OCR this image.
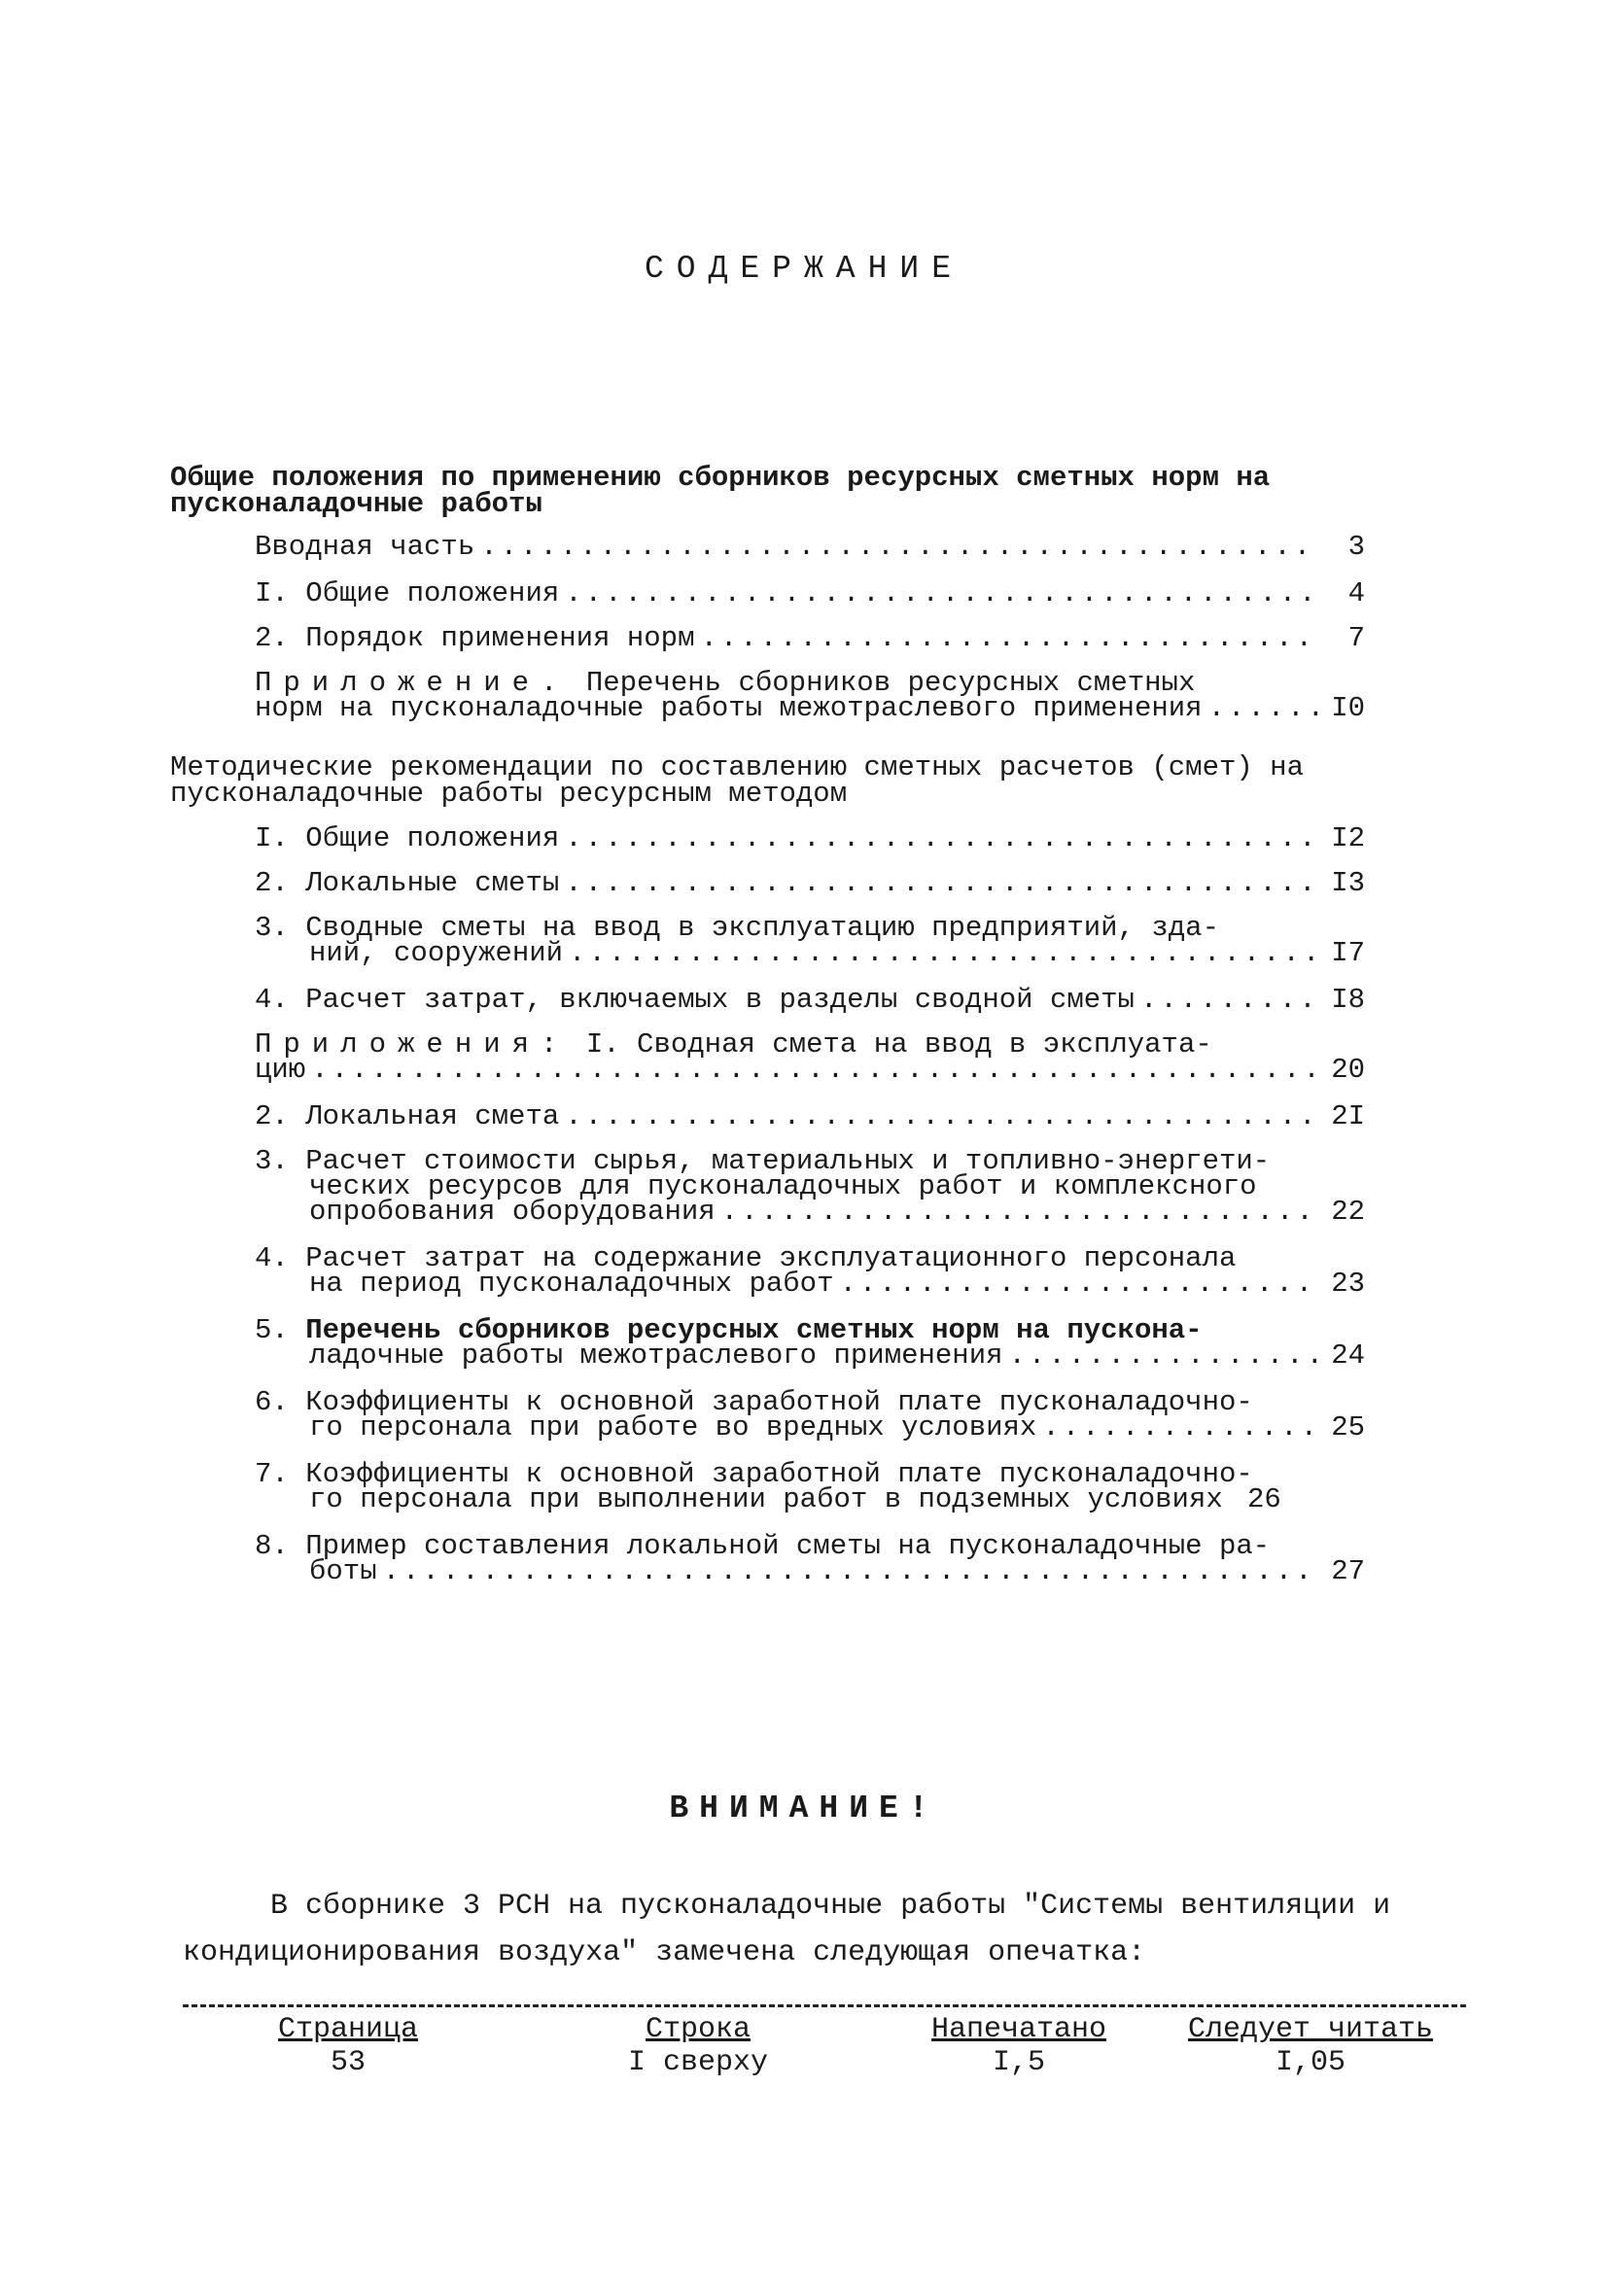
СОДЕРЖАНИЕ
Общие положения по применению сборников ресурсных сметных норм на пусконаладочные работы
Вводная часть .....	3
I.
Общие положения .....	4
2.
Порядок применения норм .....	7
Приложение. Перечень сборников ресурсных сметных
норм на пусконаладочные работы межотраслевого применения .....	I0
Методические рекомендации по составлению сметных расчетов (смет) на пусконаладочные работы ресурсным методом
I.
Общие положения .....	I2
2.
Локальные сметы .....	I3
3. Сводные сметы на ввод в эксплуатацию предприятий, зда-
ний, сооружений .....	I7
4.
Расчет затрат, включаемых в разделы сводной сметы .....	I8
Приложения: I. Сводная смета на ввод в эксплуата-
цию .....	20
2.
Локальная смета .....	2I
3. Расчет стоимости сырья, материальных и топливно-энергети-
ческих ресурсов для пусконаладочных работ и комплексного
опробования оборудования .....	22
4. Расчет затрат на содержание эксплуатационного персонала
на период пусконаладочных работ .....	23
5. Перечень сборников ресурсных сметных норм на пускона-
ладочные работы межотраслевого применения .....	24
6. Коэффициенты к основной заработной плате пусконаладочно-
го персонала при работе во вредных условиях .....	25
7. Коэффициенты к основной заработной плате пусконаладочно-
го персонала при выполнении работ в подземных условиях 26
8. Пример составления локальной сметы на пусконаладочные ра-
боты .....	27
ВНИМАНИЕ!
В сборнике 3 РСН на пусконаладочные работы "Системы вентиляции и кондиционирования воздуха" замечена следующая опечатка:
Страница	Строка	Напечатано	Следует читать
53	I сверху	I,5	I,05
